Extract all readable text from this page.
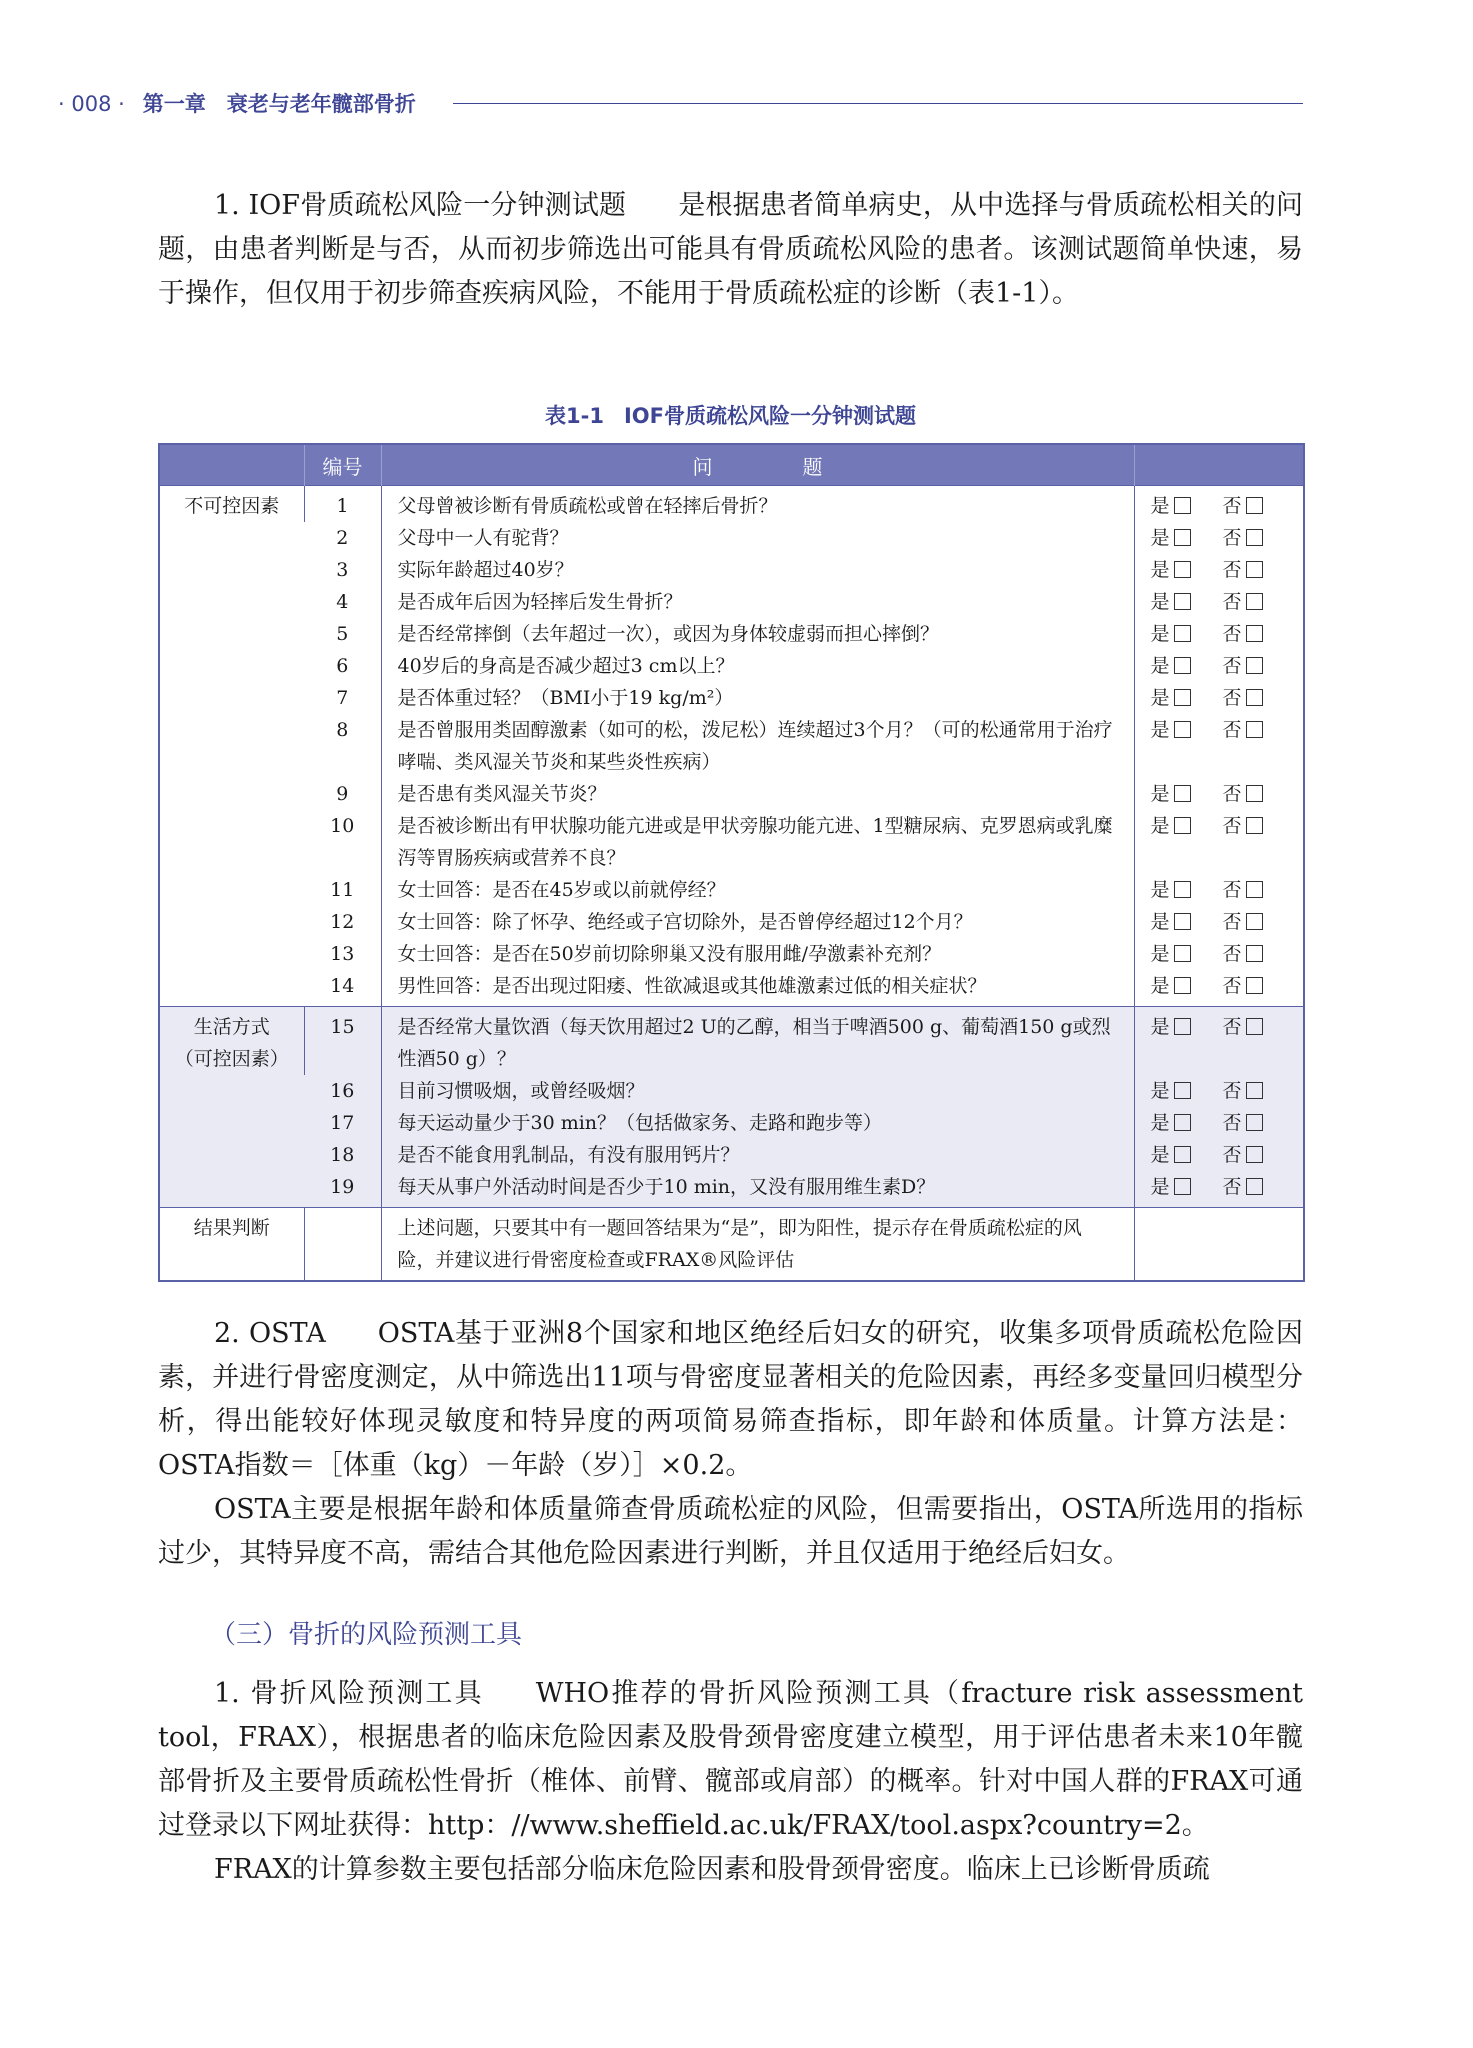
· 008 · 第一章　衰老与老年髋部骨折

1. IOF骨质疏松风险一分钟测试题 是根据患者简单病史，从中选择与骨质疏松相关的问题，由患者判断是与否，从而初步筛选出可能具有骨质疏松风险的患者。该测试题简单快速，易于操作，但仅用于初步筛查疾病风险，不能用于骨质疏松症的诊断（表1-1）。

表1-1 IOF骨质疏松风险一分钟测试题
	编号	问 题	
不可控因素	1	父母曾被诊断有骨质疏松或曾在轻摔后骨折？	是 否
	2	父母中一人有驼背？	是 否
	3	实际年龄超过40岁？	是 否
	4	是否成年后因为轻摔后发生骨折？	是 否
	5	是否经常摔倒（去年超过一次），或因为身体较虚弱而担心摔倒？	是 否
	6	40岁后的身高是否减少超过3 cm以上？	是 否
	7	是否体重过轻？（BMI小于19 kg/m²）	是 否
	8	是否曾服用类固醇激素（如可的松，泼尼松）连续超过3个月？（可的松通常用于治疗哮喘、类风湿关节炎和某些炎性疾病）	是 否
	9	是否患有类风湿关节炎？	是 否
	10	是否被诊断出有甲状腺功能亢进或是甲状旁腺功能亢进、1型糖尿病、克罗恩病或乳糜泻等胃肠疾病或营养不良？	是 否
	11	女士回答：是否在45岁或以前就停经？	是 否
	12	女士回答：除了怀孕、绝经或子宫切除外，是否曾停经超过12个月？	是 否
	13	女士回答：是否在50岁前切除卵巢又没有服用雌/孕激素补充剂？	是 否
	14	男性回答：是否出现过阳痿、性欲减退或其他雄激素过低的相关症状？	是 否

生活方式
（可控因素）	15	是否经常大量饮酒（每天饮用超过2 U的乙醇，相当于啤酒500 g、葡萄酒150 g或烈性酒50 g）？	是 否
	16	目前习惯吸烟，或曾经吸烟？	是 否
	17	每天运动量少于30 min？（包括做家务、走路和跑步等）	是 否
	18	是否不能食用乳制品，有没有服用钙片？	是 否
	19	每天从事户外活动时间是否少于10 min，又没有服用维生素D？	是 否
结果判断		上述问题，只要其中有一题回答结果为“是”，即为阳性，提示存在骨质疏松症的风险，并建议进行骨密度检查或FRAX®风险评估	

2. OSTA OSTA基于亚洲8个国家和地区绝经后妇女的研究，收集多项骨质疏松危险因素，并进行骨密度测定，从中筛选出11项与骨密度显著相关的危险因素，再经多变量回归模型分析，得出能较好体现灵敏度和特异度的两项简易筛查指标，即年龄和体质量。计算方法是：OSTA指数＝［体重（kg）－年龄（岁）］×0.2。

OSTA主要是根据年龄和体质量筛查骨质疏松症的风险，但需要指出，OSTA所选用的指标过少，其特异度不高，需结合其他危险因素进行判断，并且仅适用于绝经后妇女。

（三）骨折的风险预测工具

1. 骨折风险预测工具 WHO推荐的骨折风险预测工具（fracture risk assessment tool，FRAX），根据患者的临床危险因素及股骨颈骨密度建立模型，用于评估患者未来10年髋部骨折及主要骨质疏松性骨折（椎体、前臂、髋部或肩部）的概率。针对中国人群的FRAX可通过登录以下网址获得：http：//www.sheffield.ac.uk/FRAX/tool.aspx?country=2。

FRAX的计算参数主要包括部分临床危险因素和股骨颈骨密度。临床上已诊断骨质疏
